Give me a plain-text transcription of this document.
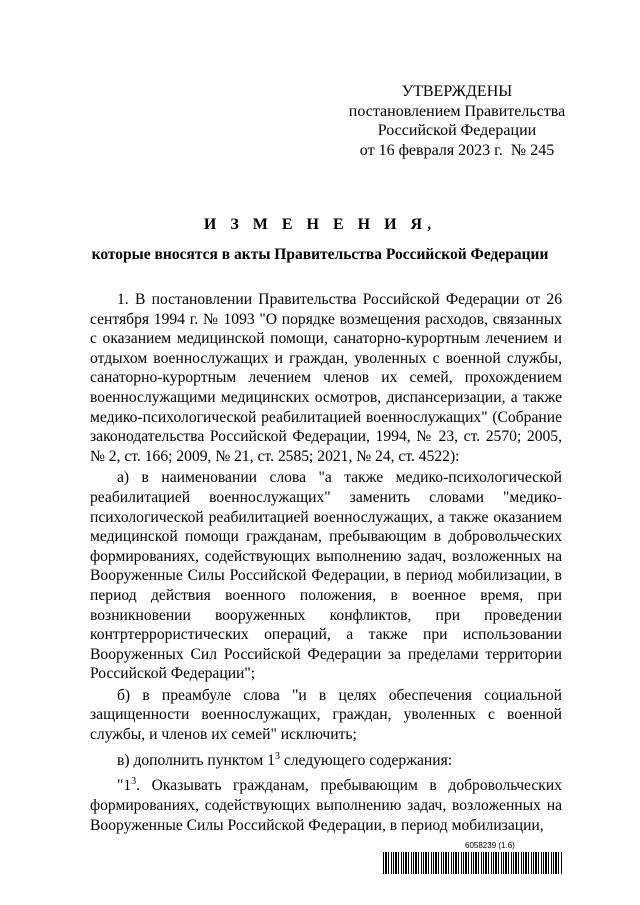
УТВЕРЖДЕНЫ
постановлением Правительства
Российской Федерации
от 16 февраля 2023 г.  № 245
И З М Е Н Е Н И Я,
которые вносятся в акты Правительства Российской Федерации

1. В постановлении Правительства Российской Федерации от 26 сентября 1994 г. № 1093 "О порядке возмещения расходов, связанных с оказанием медицинской помощи, санаторно-курортным лечением и отдыхом военнослужащих и граждан, уволенных с военной службы, санаторно-курортным лечением членов их семей, прохождением военнослужащими медицинских осмотров, диспансеризации, а также медико-психологической реабилитацией военнослужащих" (Собрание законодательства Российской Федерации, 1994, № 23, ст. 2570; 2005, № 2, ст. 166; 2009, № 21, ст. 2585; 2021, № 24, ст. 4522):

а) в наименовании слова "а также медико-психологической реабилитацией военнослужащих" заменить словами "медико-психологической реабилитацией военнослужащих, а также оказанием медицинской помощи гражданам, пребывающим в добровольческих формированиях, содействующих выполнению задач, возложенных на Вооруженные Силы Российской Федерации, в период мобилизации, в период действия военного положения, в военное время, при возникновении вооруженных конфликтов, при проведении контртеррористических операций, а также при использовании Вооруженных Сил Российской Федерации за пределами территории Российской Федерации";

б) в преамбуле слова "и в целях обеспечения социальной защищенности военнослужащих, граждан, уволенных с военной службы, и членов их семей" исключить;

в) дополнить пунктом $1^3$ следующего содержания:

"$1^3$. Оказывать гражданам, пребывающим в добровольческих формированиях, содействующих выполнению задач, возложенных на Вооруженные Силы Российской Федерации, в период мобилизации,

6058239 (1.6)
